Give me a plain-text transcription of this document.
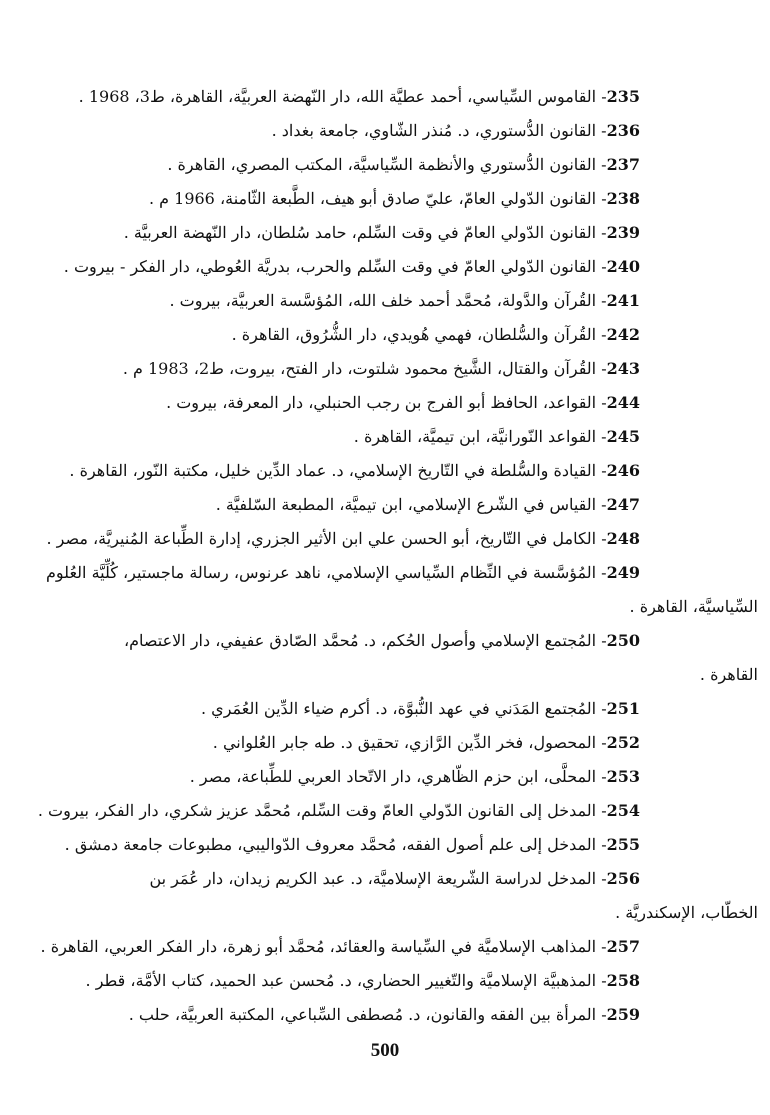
235- القاموس السِّياسي، أحمد عطيَّة الله، دار النّهضة العربيَّة، القاهرة، ط3، 1968 .
236- القانون الدُّستوري، د. مُنذر الشّاوي، جامعة بغداد .
237- القانون الدُّستوري والأنظمة السِّياسيَّة، المكتب المصري، القاهرة .
238- القانون الدّولي العامّ، عليّ صادق أبو هيف، الطَّبعة الثّامنة، 1966 م .
239- القانون الدّولي العامّ في وقت السِّلم، حامد سُلطان، دار النّهضة العربيَّة .
240- القانون الدّولي العامّ في وقت السِّلم والحرب، بدريَّة العُوطي، دار الفكر - بيروت .
241- القُرآن والدَّولة، مُحمَّد أحمد خلف الله، المُؤسَّسة العربيَّة، بيروت .
242- القُرآن والسُّلطان، فهمي هُويدي، دار الشُّرُوق، القاهرة .
243- القُرآن والقتال، الشَّيخ محمود شلتوت، دار الفتح، بيروت، ط2، 1983 م .
244- القواعد، الحافظ أبو الفرج بن رجب الحنبلي، دار المعرفة، بيروت .
245- القواعد النّورانيَّة، ابن تيميَّة، القاهرة .
246- القيادة والسُّلطة في التّاريخ الإسلامي، د. عماد الدِّين خليل، مكتبة النّور، القاهرة .
247- القياس في الشّرع الإسلامي، ابن تيميَّة، المطبعة السّلفيَّة .
248- الكامل في التّاريخ، أبو الحسن علي ابن الأثير الجزري، إدارة الطِّباعة المُنيريَّة، مصر .
249- المُؤسَّسة في النِّظام السِّياسي الإسلامي، ناهد عرنوس، رسالة ماجستير، كُلِّيَّة العُلوم
السِّياسيَّة، القاهرة .
250- المُجتمع الإسلامي وأصول الحُكم، د. مُحمَّد الصّادق عفيفي، دار الاعتصام،
القاهرة .
251- المُجتمع المَدَني في عهد النُّبوَّة، د. أكرم ضياء الدِّين العُمَري .
252- المحصول، فخر الدِّين الرَّازي، تحقيق د. طه جابر العُلواني .
253- المحلَّى، ابن حزم الظّاهري، دار الاتّحاد العربي للطِّباعة، مصر .
254- المدخل إلى القانون الدّولي العامّ وقت السِّلم، مُحمَّد عزيز شكري، دار الفكر، بيروت .
255- المدخل إلى علم أصول الفقه، مُحمَّد معروف الدّواليبي، مطبوعات جامعة دمشق .
256- المدخل لدراسة الشّريعة الإسلاميَّة، د. عبد الكريم زيدان، دار عُمَر بن
الخطّاب، الإسكندريَّة .
257- المذاهب الإسلاميَّة في السِّياسة والعقائد، مُحمَّد أبو زهرة، دار الفكر العربي، القاهرة .
258- المذهبيَّة الإسلاميَّة والتّغيير الحضاري، د. مُحسن عبد الحميد، كتاب الأمَّة، قطر .
259- المرأة بين الفقه والقانون، د. مُصطفى السِّباعي، المكتبة العربيَّة، حلب .
500
